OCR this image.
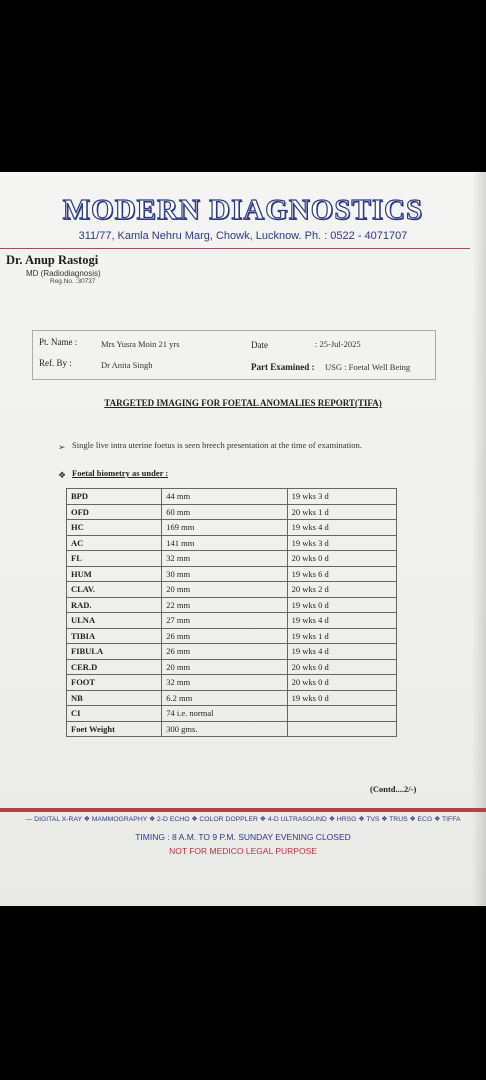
MODERN DIAGNOSTICS
311/77, Kamla Nehru Marg, Chowk, Lucknow. Ph. : 0522 - 4071707
Dr. Anup Rastogi
MD (Radiodiagnosis)
Reg.No. :30737
Pt. Name :	Mrs Yusra Moin 21 yrs	Date	: 25-Jul-2025
Ref. By :	Dr Anita Singh	Part Examined : USG : Foetal Well Being
TARGETED IMAGING FOR FOETAL ANOMALIES REPORT(TIFA)
➢ Single live intra uterine foetus is seen breech presentation at the time of examination.
❖ Foetal biometry as under :
BPD	44 mm	19 wks 3 d
OFD	60 mm	20 wks 1 d
HC	169 mm	19 wks 4 d
AC	141 mm	19 wks 3 d
FL	32 mm	20 wks 0 d
HUM	30 mm	19 wks 6 d
CLAV.	20 mm	20 wks 2 d
RAD.	22 mm	19 wks 0 d
ULNA	27 mm	19 wks 4 d
TIBIA	26 mm	19 wks 1 d
FIBULA	26 mm	19 wks 4 d
CER.D	20 mm	20 wks 0 d
FOOT	32 mm	20 wks 0 d
NB	6.2 mm	19 wks 0 d
CI	74 i.e. normal	
Foet Weight	300 gms.	
(Contd....2/-)
— DIGITAL X-RAY ❖ MAMMOGRAPHY ❖ 2-D ECHO ❖ COLOR DOPPLER ❖ 4-D ULTRASOUND ❖ HRSG ❖ TVS ❖ TRUS ❖ ECG ❖ TIFFA
TIMING : 8 A.M. TO 9 P.M. SUNDAY EVENING CLOSED
NOT FOR MEDICO LEGAL PURPOSE
